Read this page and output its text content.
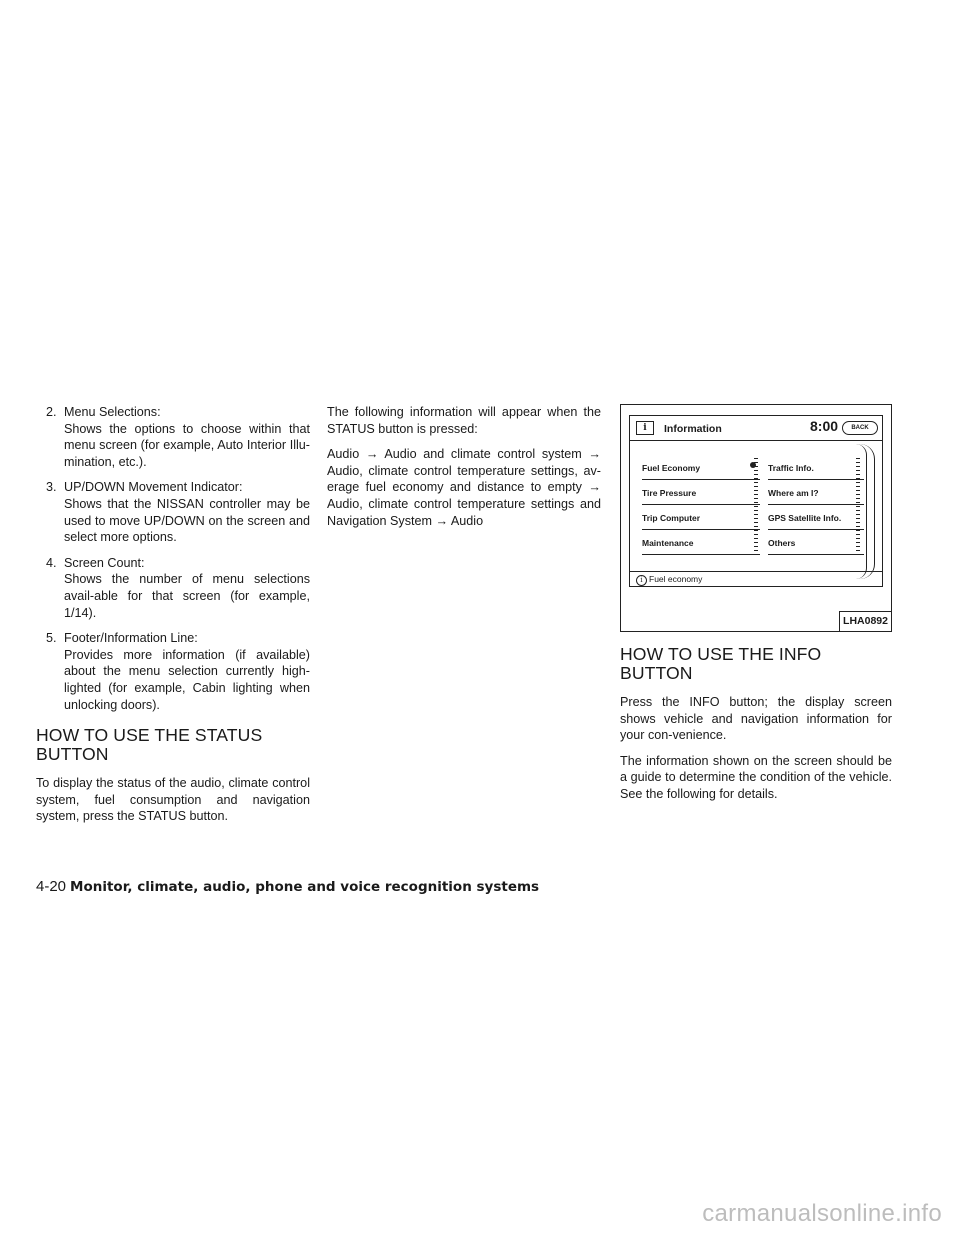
2. Menu Selections:
Shows the options to choose within that menu screen (for example, Auto Interior Illu-mination, etc.).
3. UP/DOWN Movement Indicator:
Shows that the NISSAN controller may be used to move UP/DOWN on the screen and select more options.
4. Screen Count:
Shows the number of menu selections avail-able for that screen (for example, 1/14).
5. Footer/Information Line:
Provides more information (if available) about the menu selection currently high-lighted (for example, Cabin lighting when unlocking doors).
HOW TO USE THE STATUS BUTTON

To display the status of the audio, climate control system, fuel consumption and navigation system, press the STATUS button.

The following information will appear when the STATUS button is pressed:

Audio → Audio and climate control system → Audio, climate control temperature settings, av-erage fuel economy and distance to empty → Audio, climate control temperature settings and Navigation System → Audio

i	Information	8:00	BACK
Fuel Economy
Tire Pressure
Trip Computer
Maintenance
Traffic Info.
Where am I?
GPS Satellite Info.
Others
i Fuel economy
LHA0892
HOW TO USE THE INFO BUTTON

Press the INFO button; the display screen shows vehicle and navigation information for your con-venience.

The information shown on the screen should be a guide to determine the condition of the vehicle. See the following for details.

4-20 Monitor, climate, audio, phone and voice recognition systems
carmanualsonline.info
